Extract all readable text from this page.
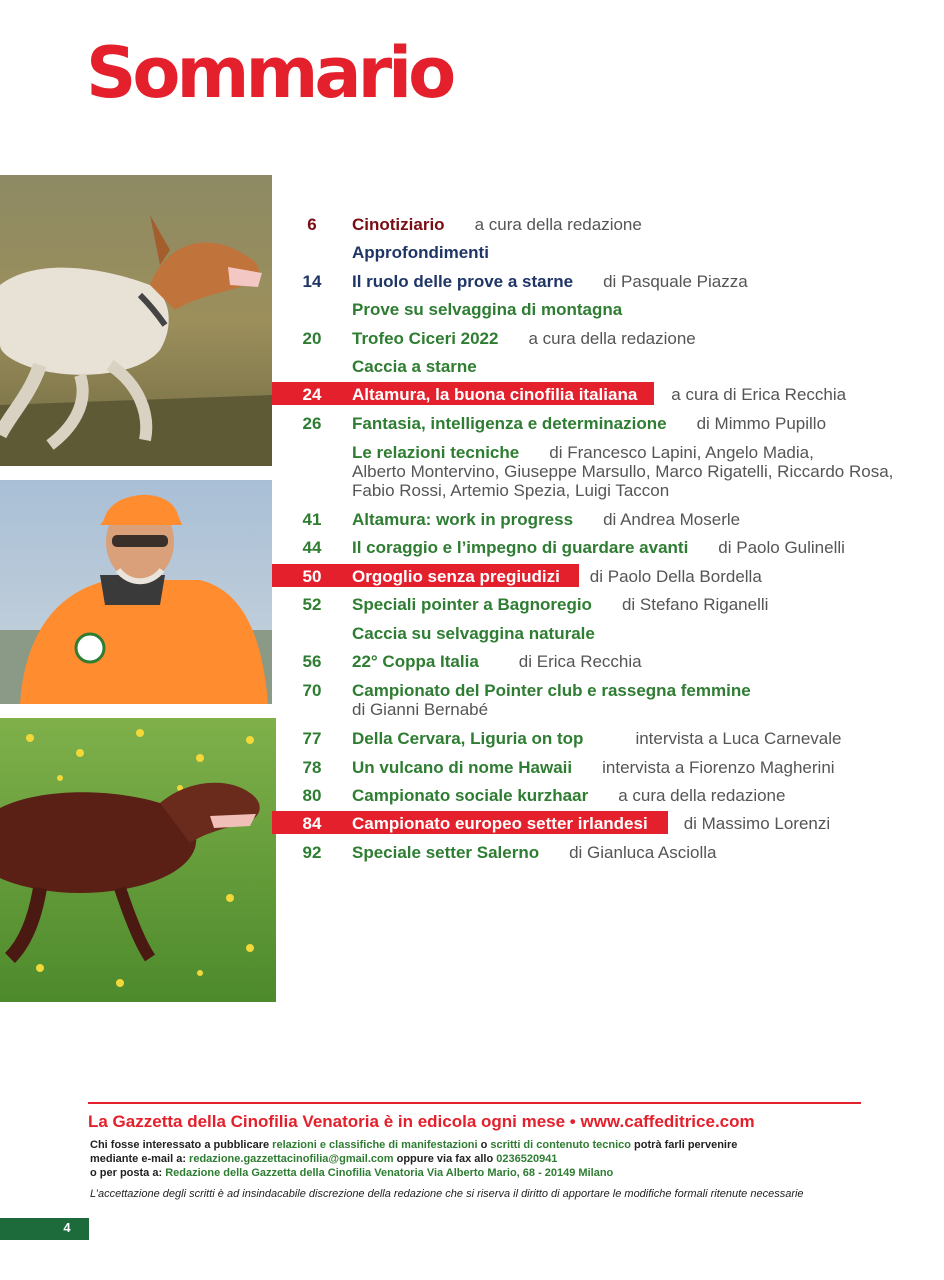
Sommario
6	Cinotiziario a cura della redazione
Approfondimenti
14	Il ruolo delle prove a starne di Pasquale Piazza
Prove su selvaggina di montagna
20	Trofeo Ciceri 2022 a cura della redazione
Caccia a starne
24	Altamura, la buona cinofilia italiana a cura di Erica Recchia
26	Fantasia, intelligenza e determinazione di Mimmo Pupillo
Le relazioni tecniche di Francesco Lapini, Angelo Madia,
Alberto Montervino, Giuseppe Marsullo, Marco Rigatelli, Riccardo Rosa,
Fabio Rossi, Artemio Spezia, Luigi Taccon
41	Altamura: work in progress di Andrea Moserle
44	Il coraggio e l’impegno di guardare avanti di Paolo Gulinelli
50	Orgoglio senza pregiudizi di Paolo Della Bordella
52	Speciali pointer a Bagnoregio di Stefano Riganelli
Caccia su selvaggina naturale
56	22° Coppa Italia di Erica Recchia
70	Campionato del Pointer club e rassegna femmine
di Gianni Bernabé
77	Della Cervara, Liguria on top	intervista a Luca Carnevale
78	Un vulcano di nome Hawaii intervista a Fiorenzo Magherini
80	Campionato sociale kurzhaar a cura della redazione
84	Campionato europeo setter irlandesi di Massimo Lorenzi
92	Speciale setter Salerno di Gianluca Asciolla
La Gazzetta della Cinofilia Venatoria è in edicola ogni mese • www.caffeditrice.com
Chi fosse interessato a pubblicare relazioni e classifiche di manifestazioni o scritti di contenuto tecnico potrà farli pervenire
mediante e-mail a: redazione.gazzettacinofilia@gmail.com oppure via fax allo 0236520941
o per posta a: Redazione della Gazzetta della Cinofilia Venatoria Via Alberto Mario, 68 - 20149 Milano
L’accettazione degli scritti è ad insindacabile discrezione della redazione che si riserva il diritto di apportare le modifiche formali ritenute necessarie
4
